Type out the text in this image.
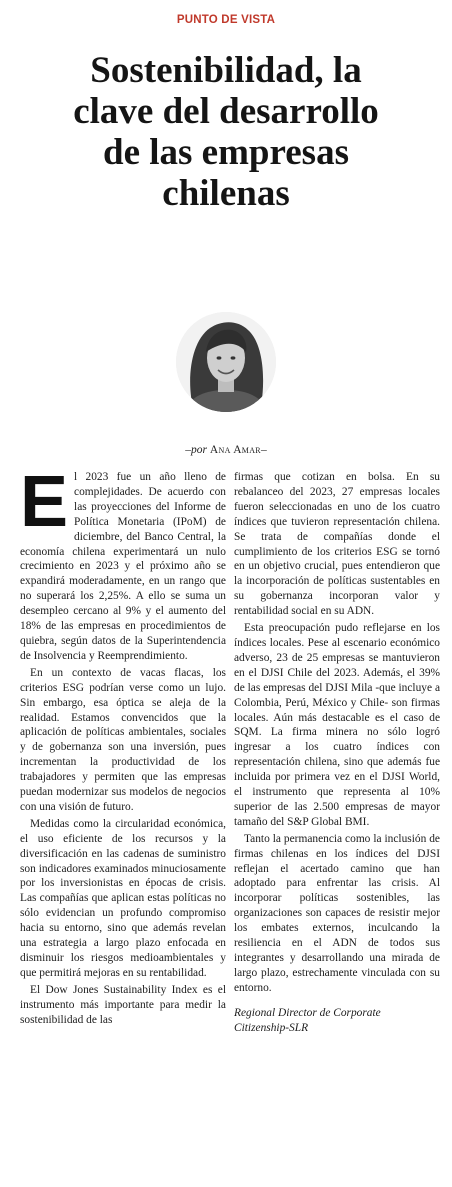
PUNTO DE VISTA
Sostenibilidad, la
clave del desarrollo
de las empresas
chilenas
–por Ana Amar–

El 2023 fue un año lleno de complejidades. De acuerdo con las proyecciones del Informe de Política Monetaria (IPoM) de diciembre, del Banco Central, la economía chilena experimentará un nulo crecimiento en 2023 y el próximo año se expandirá moderadamente, en un rango que no superará los 2,25%. A ello se suma un desempleo cercano al 9% y el aumento del 18% de las empresas en procedimientos de quiebra, según datos de la Superintendencia de Insolvencia y Reemprendimiento.

En un contexto de vacas flacas, los criterios ESG podrían verse como un lujo. Sin embargo, esa óptica se aleja de la realidad. Estamos convencidos que la aplicación de políticas ambientales, sociales y de gobernanza son una inversión, pues incrementan la productividad de los trabajadores y permiten que las empresas puedan modernizar sus modelos de negocios con una visión de futuro.

Medidas como la circularidad económica, el uso eficiente de los recursos y la diversificación en las cadenas de suministro son indicadores examinados minuciosamente por los inversionistas en épocas de crisis. Las compañías que aplican estas políticas no sólo evidencian un profundo compromiso hacia su entorno, sino que además revelan una estrategia a largo plazo enfocada en disminuir los riesgos medioambientales y que permitirá mejoras en su rentabilidad.

El Dow Jones Sustainability Index es el instrumento más importante para medir la sostenibilidad de las

firmas que cotizan en bolsa. En su rebalanceo del 2023, 27 empresas locales fueron seleccionadas en uno de los cuatro índices que tuvieron representación chilena. Se trata de compañías donde el cumplimiento de los criterios ESG se tornó en un objetivo crucial, pues entendieron que la incorporación de políticas sustentables en su gobernanza incorporan valor y rentabilidad social en su ADN.

Esta preocupación pudo reflejarse en los índices locales. Pese al escenario económico adverso, 23 de 25 empresas se mantuvieron en el DJSI Chile del 2023. Además, el 39% de las empresas del DJSI Mila -que incluye a Colombia, Perú, México y Chile- son firmas locales. Aún más destacable es el caso de SQM. La firma minera no sólo logró ingresar a los cuatro índices con representación chilena, sino que además fue incluida por primera vez en el DJSI World, el instrumento que representa al 10% superior de las 2.500 empresas de mayor tamaño del S&P Global BMI.

Tanto la permanencia como la inclusión de firmas chilenas en los índices del DJSI reflejan el acertado camino que han adoptado para enfrentar las crisis. Al incorporar políticas sostenibles, las organizaciones son capaces de resistir mejor los embates externos, inculcando la resiliencia en el ADN de todos sus integrantes y desarrollando una mirada de largo plazo, estrechamente vinculada con su entorno.

Regional Director de Corporate
Citizenship-SLR
